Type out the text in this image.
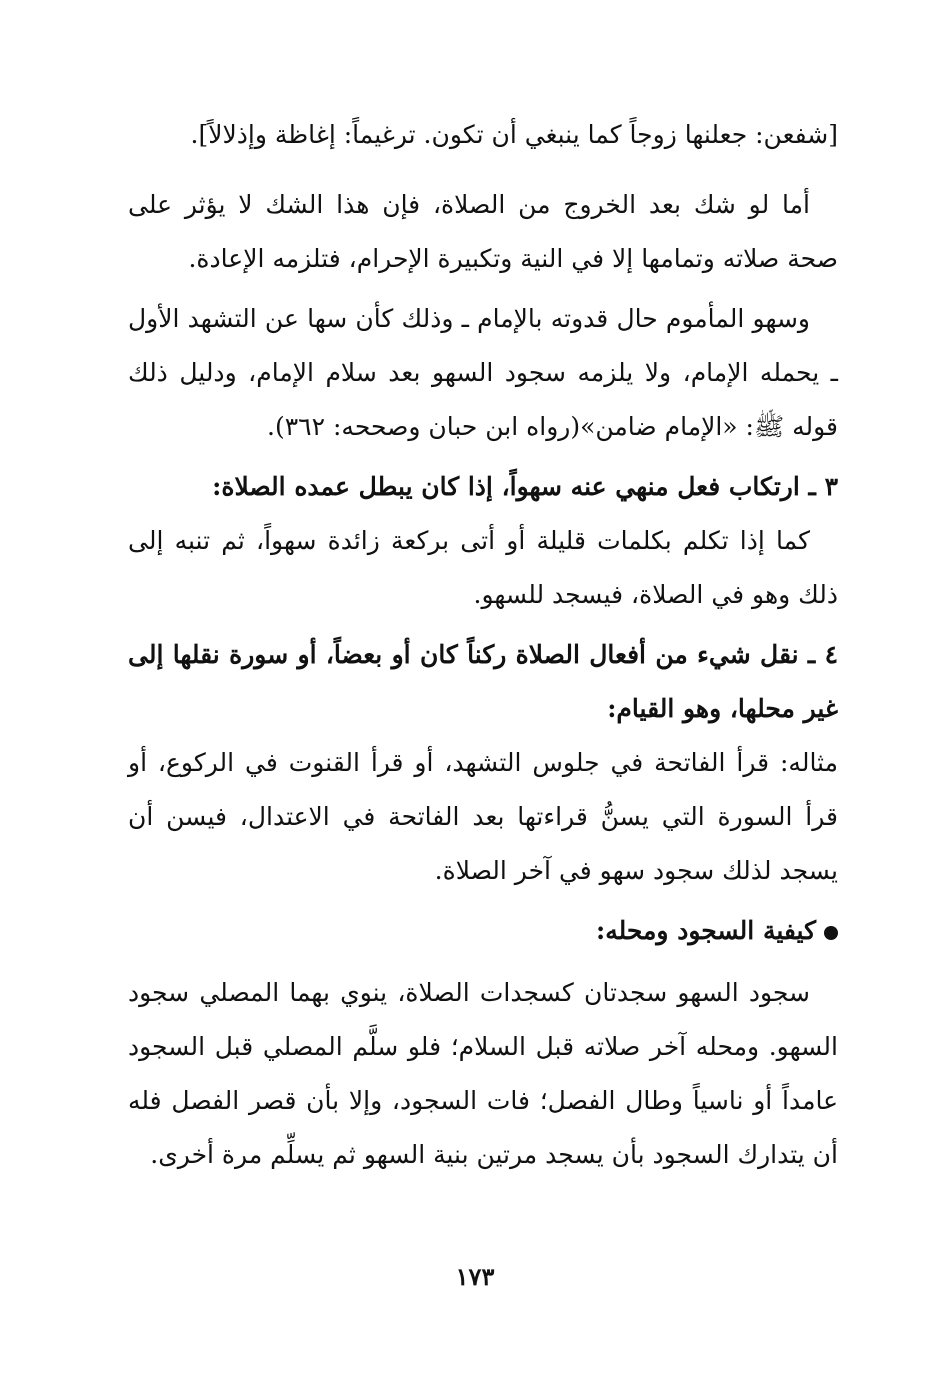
[شفعن: جعلنها زوجاً كما ينبغي أن تكون. ترغيماً: إغاظة وإذلالاً].

أما لو شك بعد الخروج من الصلاة، فإن هذا الشك لا يؤثر على صحة صلاته وتمامها إلا في النية وتكبيرة الإحرام، فتلزمه الإعادة.

وسهو المأموم حال قدوته بالإمام ـ وذلك كأن سها عن التشهد الأول ـ يحمله الإمام، ولا يلزمه سجود السهو بعد سلام الإمام، ودليل ذلك قوله ﷺ: «الإمام ضامن»(رواه ابن حبان وصححه: ٣٦٢).

٣ ـ ارتكاب فعل منهي عنه سهواً، إذا كان يبطل عمده الصلاة:

كما إذا تكلم بكلمات قليلة أو أتى بركعة زائدة سهواً، ثم تنبه إلى ذلك وهو في الصلاة، فيسجد للسهو.

٤ ـ نقل شيء من أفعال الصلاة ركناً كان أو بعضاً، أو سورة نقلها إلى غير محلها، وهو القيام:

مثاله: قرأ الفاتحة في جلوس التشهد، أو قرأ القنوت في الركوع، أو قرأ السورة التي يسنُّ قراءتها بعد الفاتحة في الاعتدال، فيسن أن يسجد لذلك سجود سهو في آخر الصلاة.

كيفية السجود ومحله:

سجود السهو سجدتان كسجدات الصلاة، ينوي بهما المصلي سجود السهو. ومحله آخر صلاته قبل السلام؛ فلو سلَّم المصلي قبل السجود عامداً أو ناسياً وطال الفصل؛ فات السجود، وإلا بأن قصر الفصل فله أن يتدارك السجود بأن يسجد مرتين بنية السهو ثم يسلِّم مرة أخرى.

١٧٣
